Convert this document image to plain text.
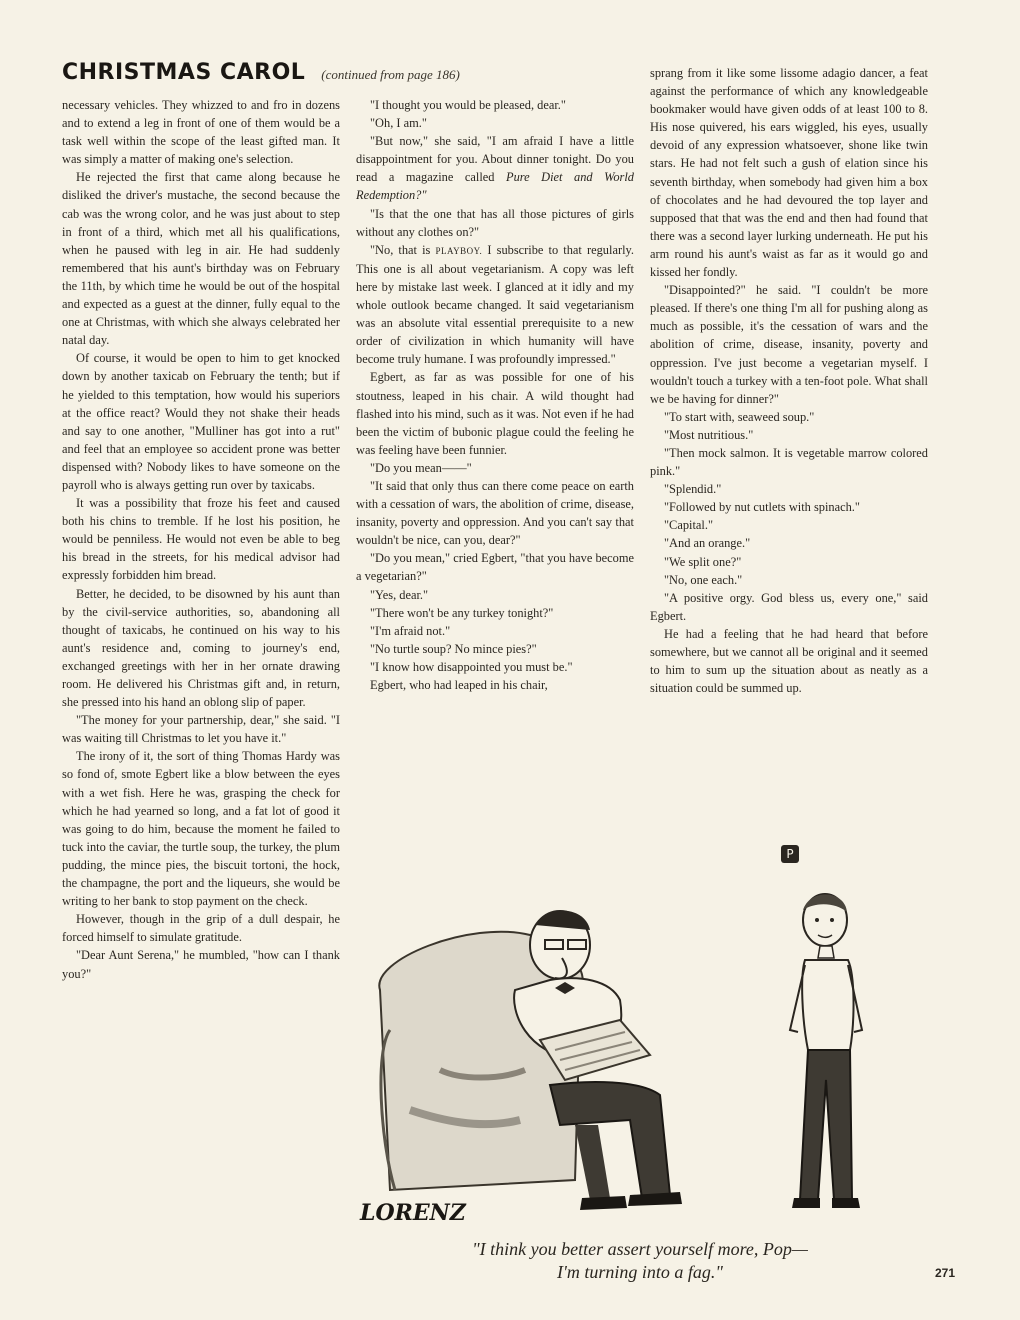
CHRISTMAS CAROL (continued from page 186)

necessary vehicles. They whizzed to and fro in dozens and to extend a leg in front of one of them would be a task well within the scope of the least gifted man. It was simply a matter of making one's selection.

He rejected the first that came along because he disliked the driver's mustache, the second because the cab was the wrong color, and he was just about to step in front of a third, which met all his qualifications, when he paused with leg in air. He had suddenly remembered that his aunt's birthday was on February the 11th, by which time he would be out of the hospital and expected as a guest at the dinner, fully equal to the one at Christmas, with which she always celebrated her natal day.

Of course, it would be open to him to get knocked down by another taxicab on February the tenth; but if he yielded to this temptation, how would his superiors at the office react? Would they not shake their heads and say to one another, "Mulliner has got into a rut" and feel that an employee so accident prone was better dispensed with? Nobody likes to have someone on the payroll who is always getting run over by taxicabs.

It was a possibility that froze his feet and caused both his chins to tremble. If he lost his position, he would be penniless. He would not even be able to beg his bread in the streets, for his medical advisor had expressly forbidden him bread.

Better, he decided, to be disowned by his aunt than by the civil-service authorities, so, abandoning all thought of taxicabs, he continued on his way to his aunt's residence and, coming to journey's end, exchanged greetings with her in her ornate drawing room. He delivered his Christmas gift and, in return, she pressed into his hand an oblong slip of paper.

"The money for your partnership, dear," she said. "I was waiting till Christmas to let you have it."

The irony of it, the sort of thing Thomas Hardy was so fond of, smote Egbert like a blow between the eyes with a wet fish. Here he was, grasping the check for which he had yearned so long, and a fat lot of good it was going to do him, because the moment he failed to tuck into the caviar, the turtle soup, the turkey, the plum pudding, the mince pies, the biscuit tortoni, the hock, the champagne, the port and the liqueurs, she would be writing to her bank to stop payment on the check.

However, though in the grip of a dull despair, he forced himself to simulate gratitude.

"Dear Aunt Serena," he mumbled, "how can I thank you?"

"I thought you would be pleased, dear."

"Oh, I am."

"But now," she said, "I am afraid I have a little disappointment for you. About dinner tonight. Do you read a magazine called Pure Diet and World Redemption?"

"Is that the one that has all those pictures of girls without any clothes on?"

"No, that is PLAYBOY. I subscribe to that regularly. This one is all about vegetarianism. A copy was left here by mistake last week. I glanced at it idly and my whole outlook became changed. It said vegetarianism was an absolute vital essential prerequisite to a new order of civilization in which humanity will have become truly humane. I was profoundly impressed."

Egbert, as far as was possible for one of his stoutness, leaped in his chair. A wild thought had flashed into his mind, such as it was. Not even if he had been the victim of bubonic plague could the feeling he was feeling have been funnier.

"Do you mean——"

"It said that only thus can there come peace on earth with a cessation of wars, the abolition of crime, disease, insanity, poverty and oppression. And you can't say that wouldn't be nice, can you, dear?"

"Do you mean," cried Egbert, "that you have become a vegetarian?"

"Yes, dear."

"There won't be any turkey tonight?"

"I'm afraid not."

"No turtle soup? No mince pies?"

"I know how disappointed you must be."

Egbert, who had leaped in his chair,

sprang from it like some lissome adagio dancer, a feat against the performance of which any knowledgeable bookmaker would have given odds of at least 100 to 8. His nose quivered, his ears wiggled, his eyes, usually devoid of any expression whatsoever, shone like twin stars. He had not felt such a gush of elation since his seventh birthday, when somebody had given him a box of chocolates and he had devoured the top layer and supposed that that was the end and then had found that there was a second layer lurking underneath. He put his arm round his aunt's waist as far as it would go and kissed her fondly.

"Disappointed?" he said. "I couldn't be more pleased. If there's one thing I'm all for pushing along as much as possible, it's the cessation of wars and the abolition of crime, disease, insanity, poverty and oppression. I've just become a vegetarian myself. I wouldn't touch a turkey with a ten-foot pole. What shall we be having for dinner?"

"To start with, seaweed soup."

"Most nutritious."

"Then mock salmon. It is vegetable marrow colored pink."

"Splendid."

"Followed by nut cutlets with spinach."

"Capital."

"And an orange."

"We split one?"

"No, one each."

"A positive orgy. God bless us, every one," said Egbert.

He had a feeling that he had heard that before somewhere, but we cannot all be original and it seemed to him to sum up the situation about as neatly as a situation could be summed up.

P
LORENZ
"I think you better assert yourself more, Pop—
I'm turning into a fag."	271
